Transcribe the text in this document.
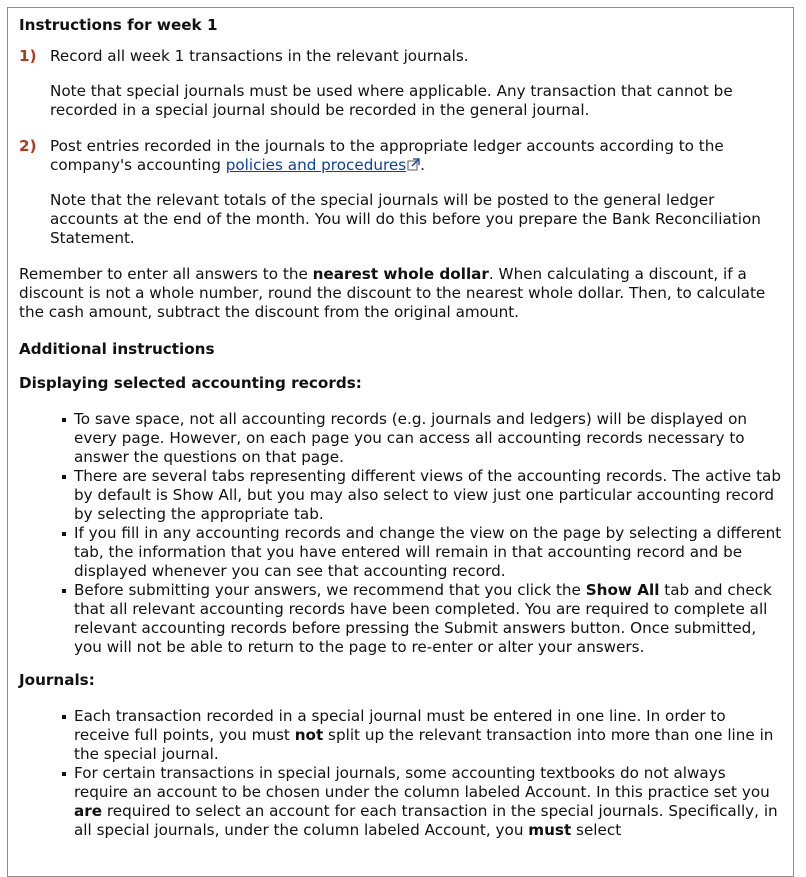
Instructions for week 1

1) Record all week 1 transactions in the relevant journals.

Note that special journals must be used where applicable. Any transaction that cannot be recorded in a special journal should be recorded in the general journal.

2) Post entries recorded in the journals to the appropriate ledger accounts according to the company's accounting policies and procedures .

Note that the relevant totals of the special journals will be posted to the general ledger accounts at the end of the month. You will do this before you prepare the Bank Reconciliation Statement.

Remember to enter all answers to the nearest whole dollar. When calculating a discount, if a discount is not a whole number, round the discount to the nearest whole dollar. Then, to calculate the cash amount, subtract the discount from the original amount.

Additional instructions

Displaying selected accounting records:

To save space, not all accounting records (e.g. journals and ledgers) will be displayed on every page. However, on each page you can access all accounting records necessary to answer the questions on that page.
There are several tabs representing different views of the accounting records. The active tab by default is Show All, but you may also select to view just one particular accounting record by selecting the appropriate tab.
If you fill in any accounting records and change the view on the page by selecting a different tab, the information that you have entered will remain in that accounting record and be displayed whenever you can see that accounting record.
Before submitting your answers, we recommend that you click the Show All tab and check that all relevant accounting records have been completed. You are required to complete all relevant accounting records before pressing the Submit answers button. Once submitted, you will not be able to return to the page to re-enter or alter your answers.

Journals:

Each transaction recorded in a special journal must be entered in one line. In order to receive full points, you must not split up the relevant transaction into more than one line in the special journal.
For certain transactions in special journals, some accounting textbooks do not always require an account to be chosen under the column labeled Account. In this practice set you are required to select an account for each transaction in the special journals. Specifically, in all special journals, under the column labeled Account, you must select
